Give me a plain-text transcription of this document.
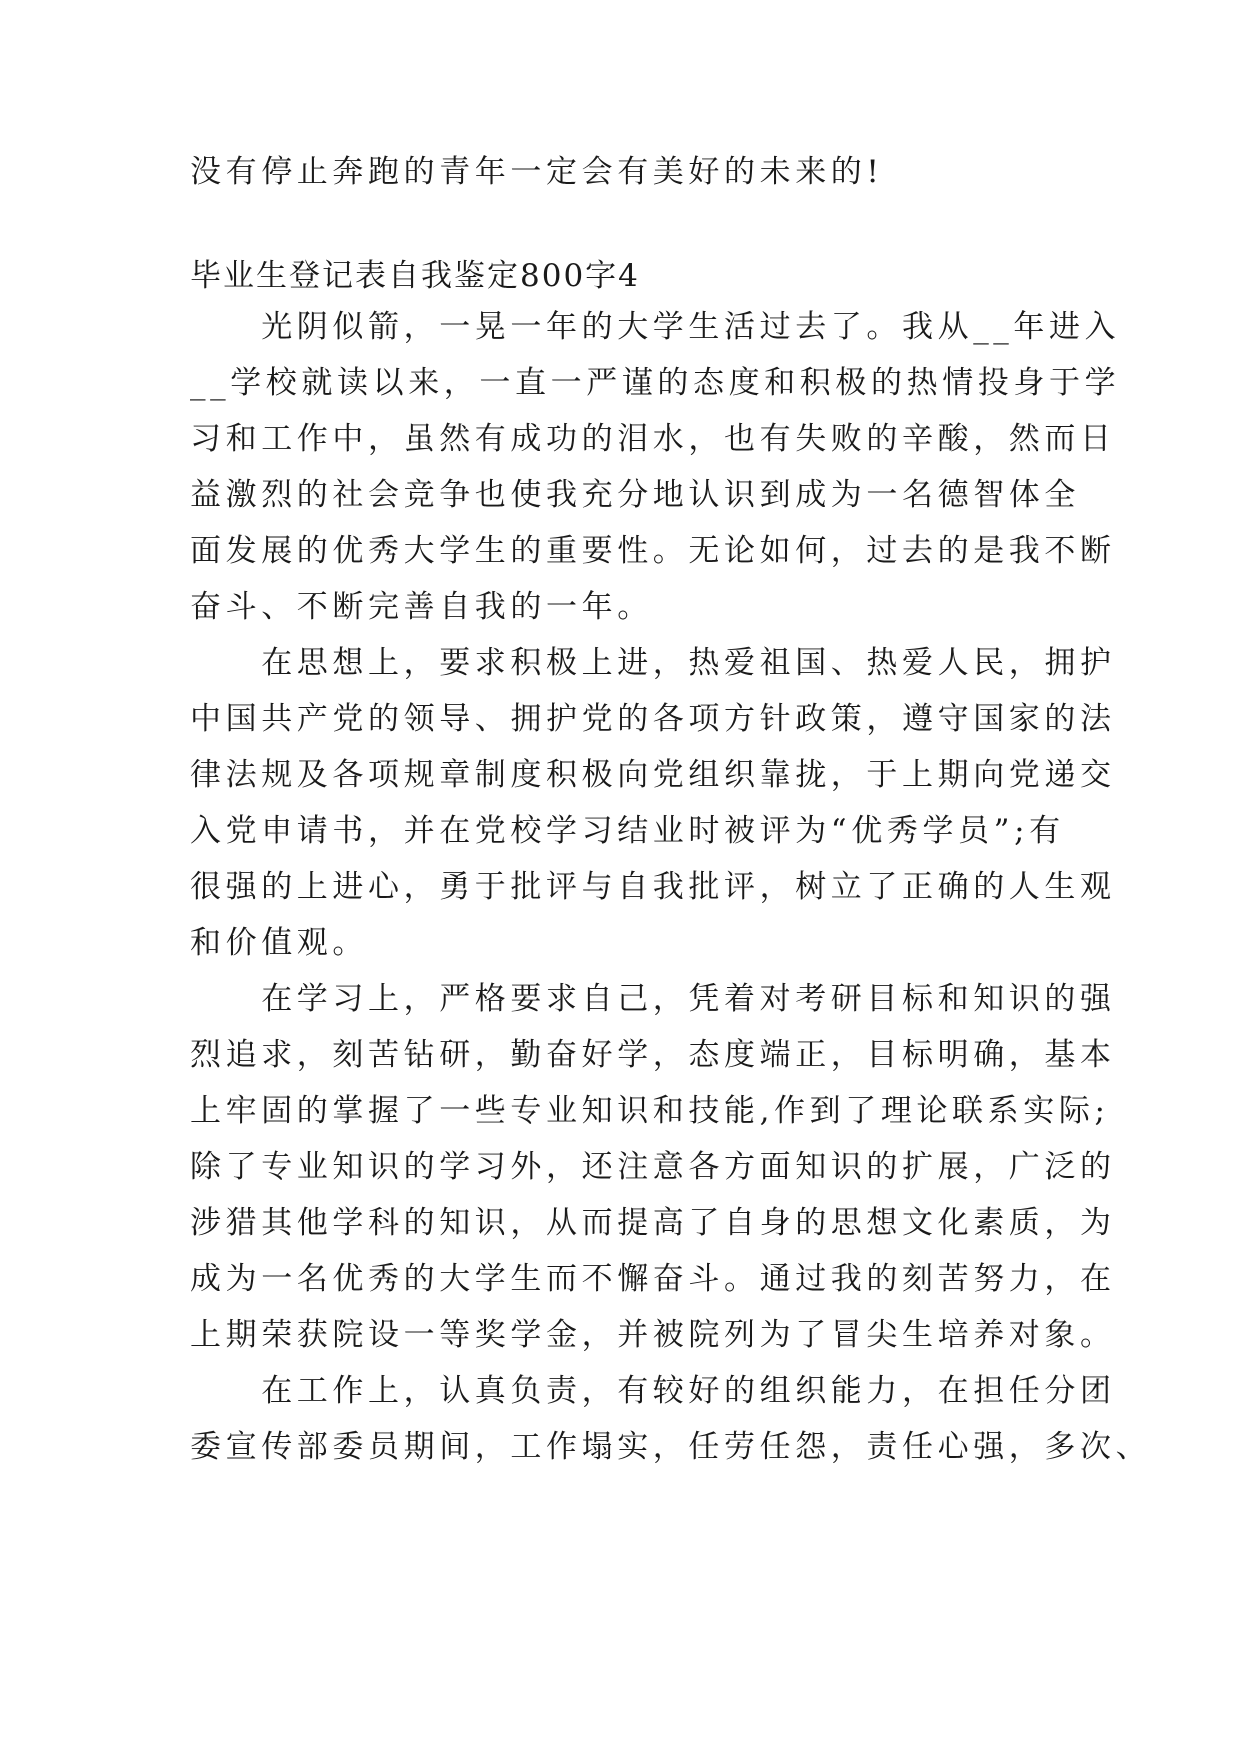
没有停止奔跑的青年一定会有美好的未来的!
毕业生登记表自我鉴定800字4
　　光阴似箭，一晃一年的大学生活过去了。我从__年进入
__学校就读以来，一直一严谨的态度和积极的热情投身于学
习和工作中，虽然有成功的泪水，也有失败的辛酸，然而日
益激烈的社会竞争也使我充分地认识到成为一名德智体全
面发展的优秀大学生的重要性。无论如何，过去的是我不断
奋斗、不断完善自我的一年。
　　在思想上，要求积极上进，热爱祖国、热爱人民，拥护
中国共产党的领导、拥护党的各项方针政策，遵守国家的法
律法规及各项规章制度积极向党组织靠拢，于上期向党递交
入党申请书，并在党校学习结业时被评为“优秀学员”;有
很强的上进心，勇于批评与自我批评，树立了正确的人生观
和价值观。
　　在学习上，严格要求自己，凭着对考研目标和知识的强
烈追求，刻苦钻研，勤奋好学，态度端正，目标明确，基本
上牢固的掌握了一些专业知识和技能,作到了理论联系实际;
除了专业知识的学习外，还注意各方面知识的扩展，广泛的
涉猎其他学科的知识，从而提高了自身的思想文化素质，为
成为一名优秀的大学生而不懈奋斗。通过我的刻苦努力，在
上期荣获院设一等奖学金，并被院列为了冒尖生培养对象。
　　在工作上，认真负责，有较好的组织能力，在担任分团
委宣传部委员期间，工作塌实，任劳任怨，责任心强，多次、
